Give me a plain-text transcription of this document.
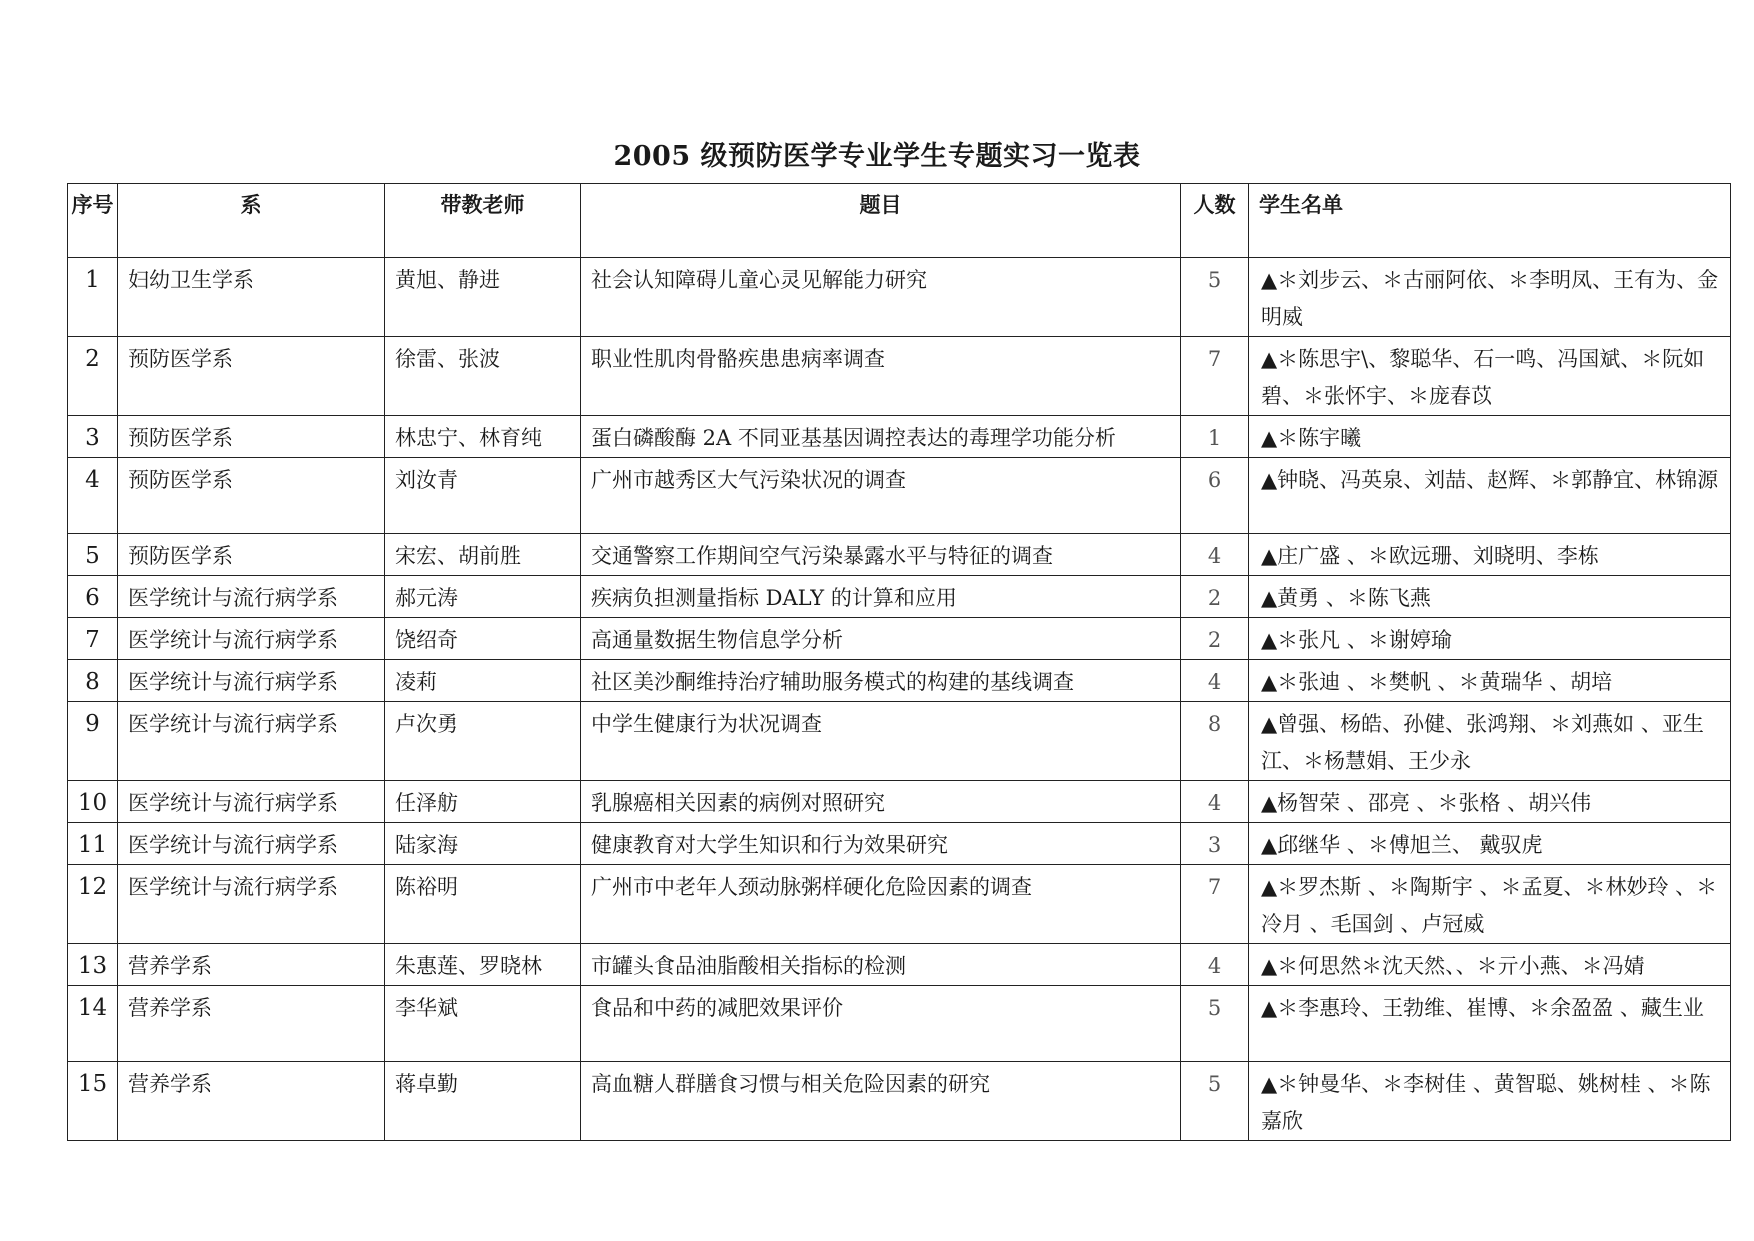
2005 级预防医学专业学生专题实习一览表
序号	系	带教老师	题目	人数	学生名单
1	妇幼卫生学系	黄旭、静进	社会认知障碍儿童心灵见解能力研究	5	▲＊刘步云、＊古丽阿依、＊李明凤、王有为、金明威
2	预防医学系	徐雷、张波	职业性肌肉骨骼疾患患病率调查	7	▲＊陈思宇\、黎聪华、石一鸣、冯国斌、＊阮如碧、＊张怀宇、＊庞春苡
3	预防医学系	林忠宁、林育纯	蛋白磷酸酶 2A 不同亚基基因调控表达的毒理学功能分析	1	▲＊陈宇曦
4	预防医学系	刘汝青	广州市越秀区大气污染状况的调查	6	▲钟晓、冯英泉、刘喆、赵辉、＊郭静宜、林锦源
5	预防医学系	宋宏、胡前胜	交通警察工作期间空气污染暴露水平与特征的调查	4	▲庄广盛 、＊欧远珊、刘晓明、李栋
6	医学统计与流行病学系	郝元涛	疾病负担测量指标 DALY 的计算和应用	2	▲黄勇 、＊陈飞燕
7	医学统计与流行病学系	饶绍奇	高通量数据生物信息学分析	2	▲＊张凡 、＊谢婷瑜
8	医学统计与流行病学系	凌莉	社区美沙酮维持治疗辅助服务模式的构建的基线调查	4	▲＊张迪 、＊樊帆 、＊黄瑞华 、胡培
9	医学统计与流行病学系	卢次勇	中学生健康行为状况调查	8	▲曾强、杨皓、孙健、张鸿翔、＊刘燕如 、亚生江、＊杨慧娟、王少永
10	医学统计与流行病学系	任泽舫	乳腺癌相关因素的病例对照研究	4	▲杨智荣 、邵亮 、＊张格 、胡兴伟
11	医学统计与流行病学系	陆家海	健康教育对大学生知识和行为效果研究	3	▲邱继华 、＊傅旭兰、 戴驭虎
12	医学统计与流行病学系	陈裕明	广州市中老年人颈动脉粥样硬化危险因素的调查	7	▲＊罗杰斯 、＊陶斯宇 、＊孟夏、＊林妙玲 、＊冷月 、毛国剑 、卢冠威
13	营养学系	朱惠莲、罗晓林	市罐头食品油脂酸相关指标的检测	4	▲＊何思然＊沈天然、、＊亓小燕、＊冯婧
14	营养学系	李华斌	食品和中药的减肥效果评价	5	▲＊李惠玲、王勃维、崔博、＊余盈盈 、藏生业
15	营养学系	蒋卓勤	高血糖人群膳食习惯与相关危险因素的研究	5	▲＊钟曼华、＊李树佳 、黄智聪、姚树桂 、＊陈嘉欣
